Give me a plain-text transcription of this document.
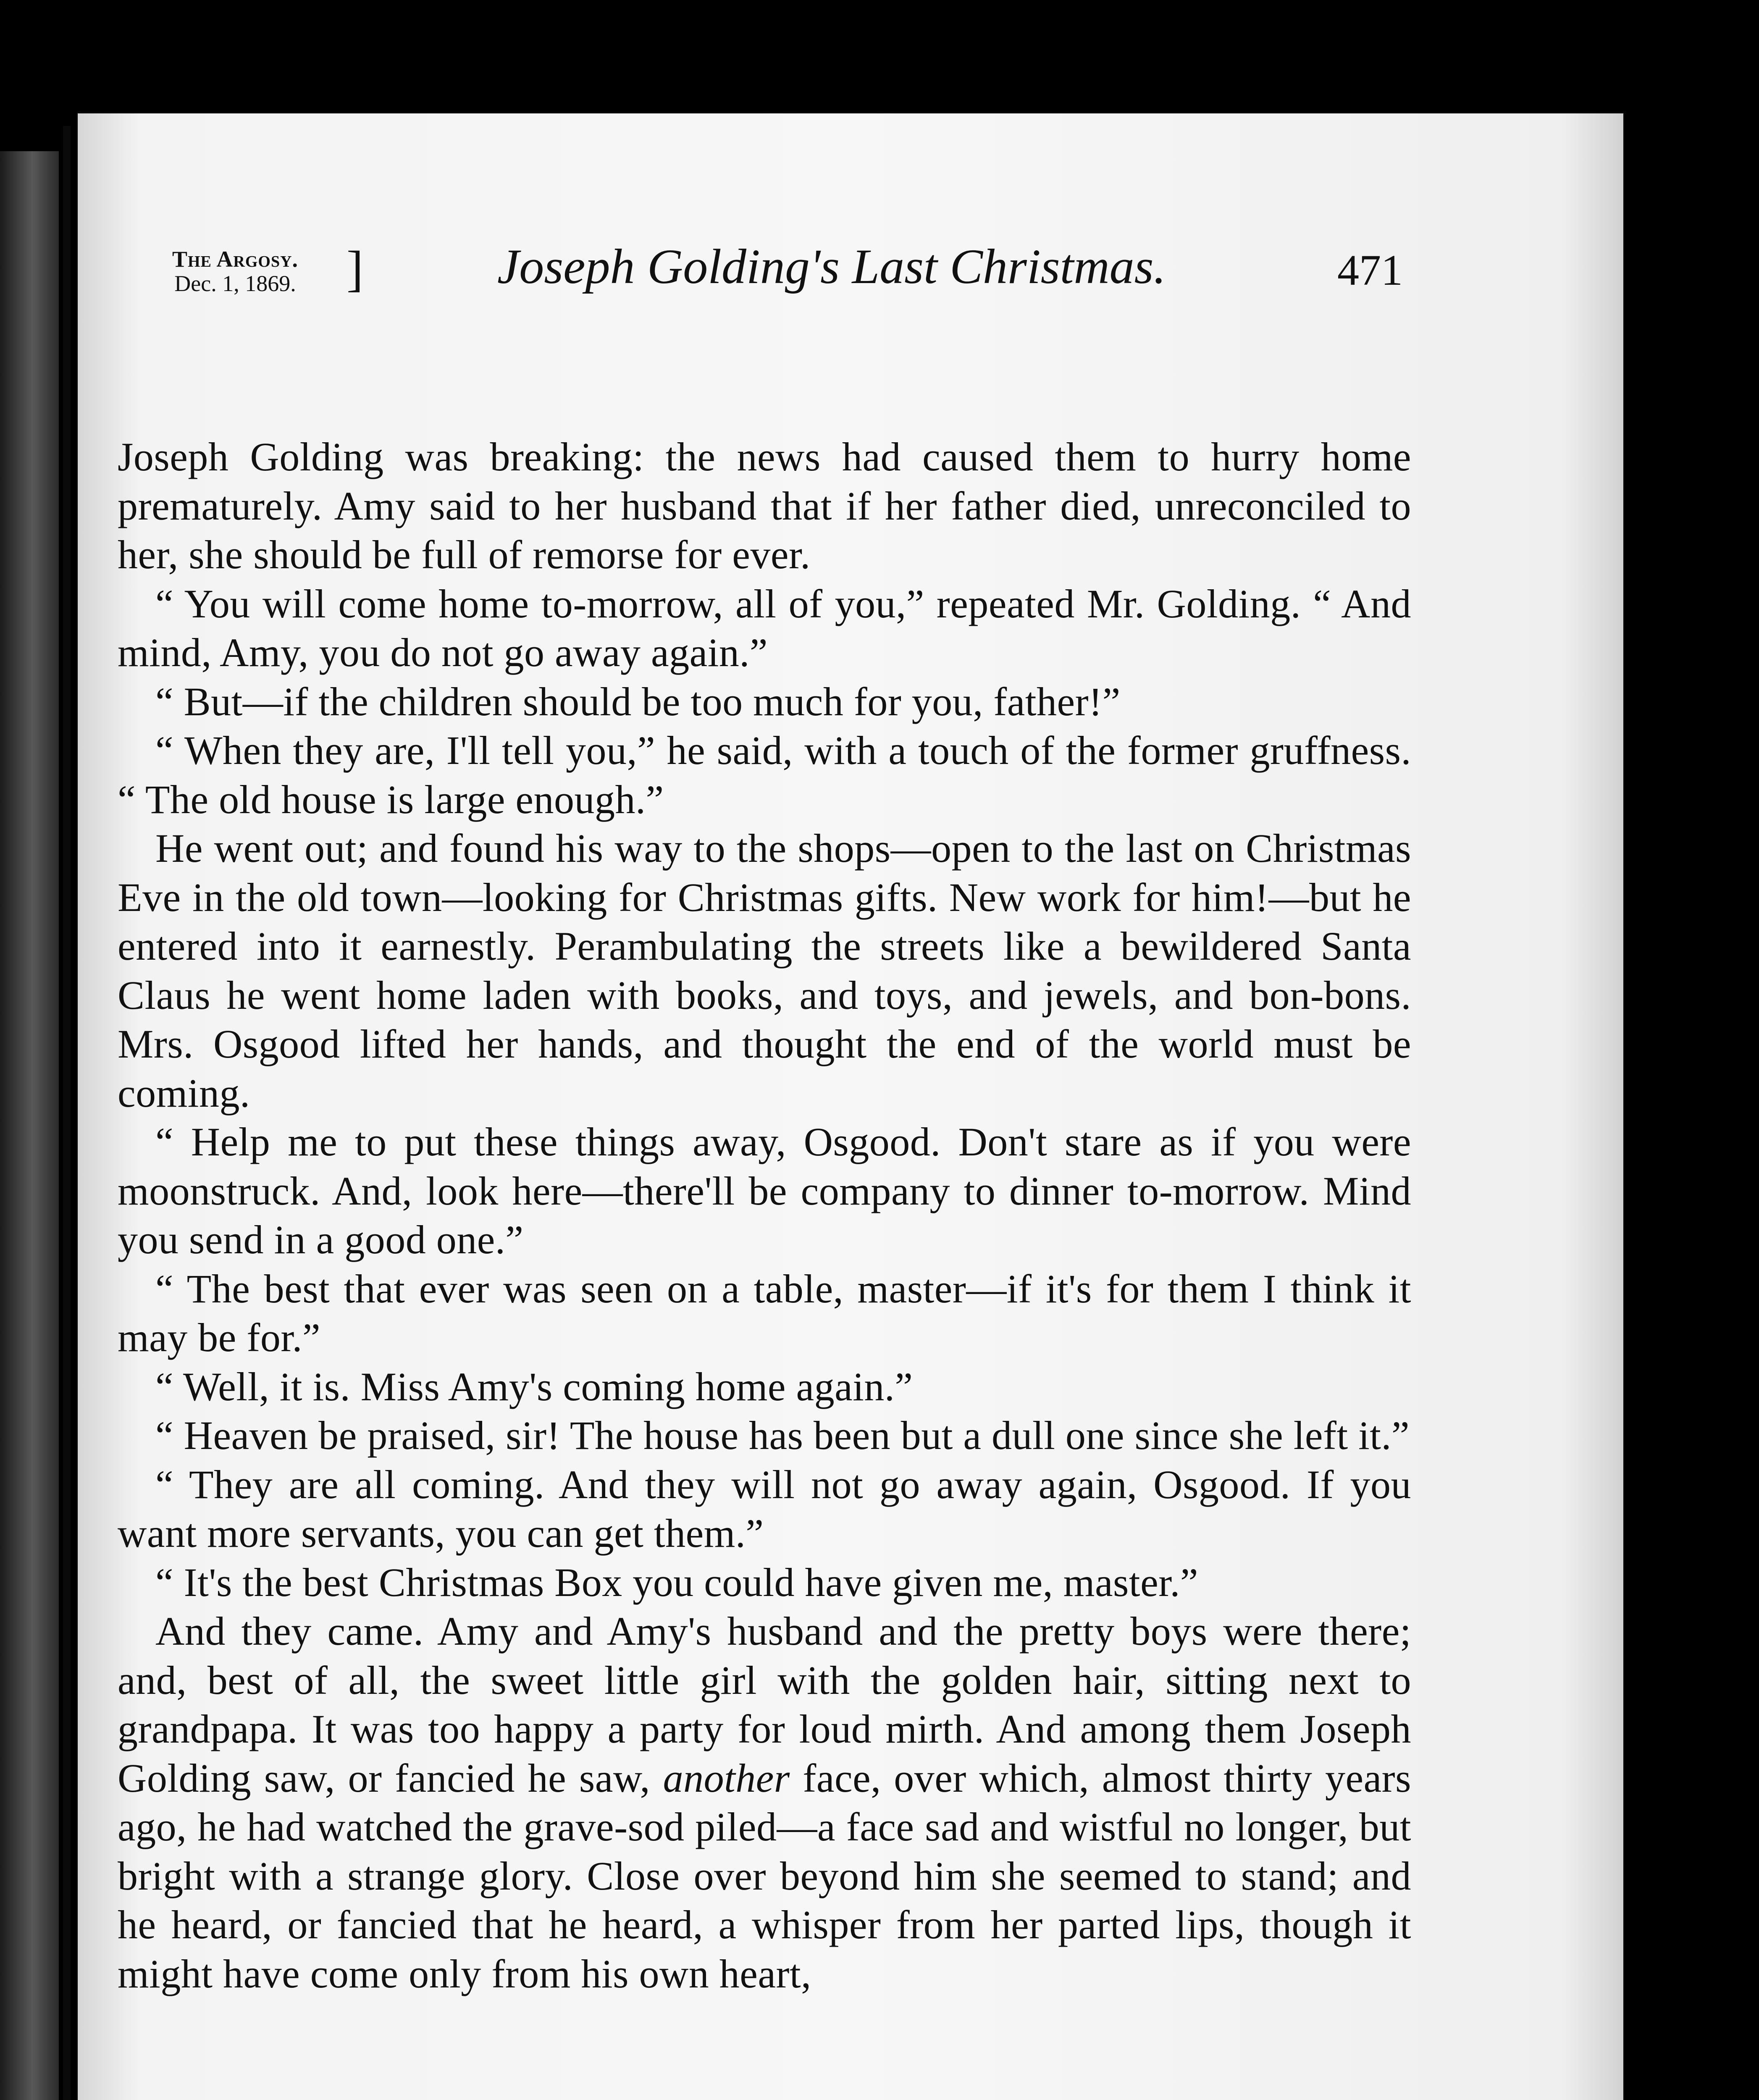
The Argosy.
Dec. 1, 1869.	]	Joseph Golding's Last Christmas.	471

Joseph Golding was breaking: the news had caused them to hurry home prematurely. Amy said to her husband that if her father died, unreconciled to her, she should be full of remorse for ever.

“ You will come home to-morrow, all of you,” repeated Mr. Golding. “ And mind, Amy, you do not go away again.”

“ But—if the children should be too much for you, father!”

“ When they are, I'll tell you,” he said, with a touch of the former gruffness. “ The old house is large enough.”

He went out; and found his way to the shops—open to the last on Christmas Eve in the old town—looking for Christmas gifts. New work for him!—but he entered into it earnestly. Perambulating the streets like a bewildered Santa Claus he went home laden with books, and toys, and jewels, and bon-bons. Mrs. Osgood lifted her hands, and thought the end of the world must be coming.

“ Help me to put these things away, Osgood. Don't stare as if you were moonstruck. And, look here—there'll be company to dinner to-morrow. Mind you send in a good one.”

“ The best that ever was seen on a table, master—if it's for them I think it may be for.”

“ Well, it is. Miss Amy's coming home again.”

“ Heaven be praised, sir! The house has been but a dull one since she left it.”

“ They are all coming. And they will not go away again, Osgood. If you want more servants, you can get them.”

“ It's the best Christmas Box you could have given me, master.”

And they came. Amy and Amy's husband and the pretty boys were there; and, best of all, the sweet little girl with the golden hair, sitting next to grandpapa. It was too happy a party for loud mirth. And among them Joseph Golding saw, or fancied he saw, another face, over which, almost thirty years ago, he had watched the grave-sod piled—a face sad and wistful no longer, but bright with a strange glory. Close over beyond him she seemed to stand; and he heard, or fancied that he heard, a whisper from her parted lips, though it might have come only from his own heart,
